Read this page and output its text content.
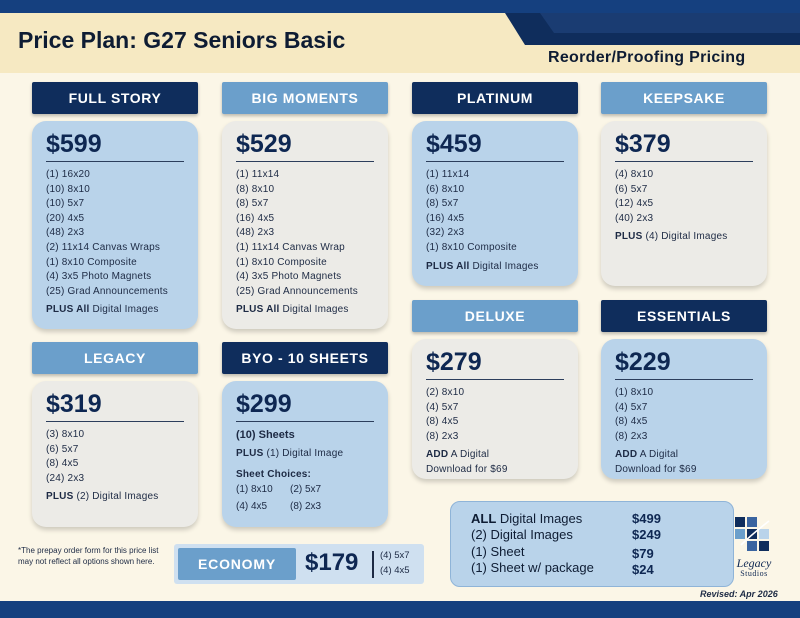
Price Plan: G27 Seniors Basic
Reorder/Proofing Pricing
FULL STORY
$599
(1) 16x20
(10) 8x10
(10) 5x7
(20) 4x5
(48) 2x3
(2) 11x14 Canvas Wraps
(1) 8x10 Composite
(4) 3x5 Photo Magnets
(25) Grad Announcements
PLUS All Digital Images
BIG MOMENTS
$529
(1) 11x14
(8) 8x10
(8) 5x7
(16) 4x5
(48) 2x3
(1) 11x14 Canvas Wrap
(1) 8x10 Composite
(4) 3x5 Photo Magnets
(25) Grad Announcements
PLUS All Digital Images
PLATINUM
$459
(1) 11x14
(6) 8x10
(8) 5x7
(16) 4x5
(32) 2x3
(1) 8x10 Composite
PLUS All Digital Images
KEEPSAKE
$379
(4) 8x10
(6) 5x7
(12) 4x5
(40) 2x3
PLUS (4) Digital Images
DELUXE
$279
(2) 8x10
(4) 5x7
(8) 4x5
(8) 2x3
ADD A Digital
Download for $69
ESSENTIALS
$229
(1) 8x10
(4) 5x7
(8) 4x5
(8) 2x3
ADD A Digital
Download for $69
LEGACY
$319
(3) 8x10
(6) 5x7
(8) 4x5
(24) 2x3
PLUS (2) Digital Images
BYO - 10 SHEETS
$299
(10) Sheets
PLUS (1) Digital Image
Sheet Choices:
(1) 8x10	(2) 5x7
(4) 4x5	(8) 2x3
*The prepay order form for this price list may not reflect all options shown here.	ECONOMY	$179 (4) 5x7
(4) 4x5
ALL Digital Images	$499
(2) Digital Images	$249
(1) Sheet	$79
(1) Sheet w/ package	$24	Legacy
Studios
Revised: Apr 2026
